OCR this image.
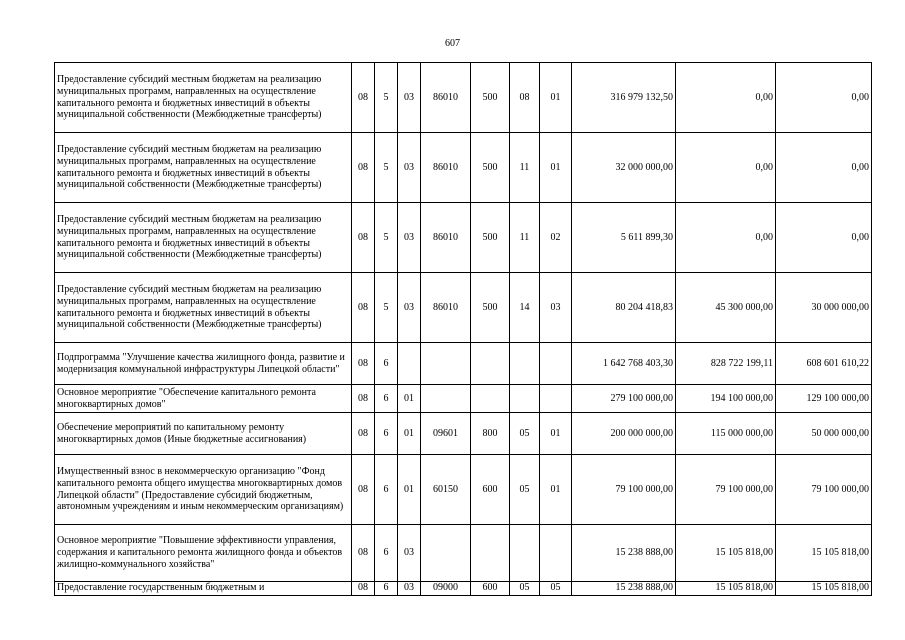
607
Предоставление субсидий местным бюджетам на реализацию муниципальных программ, направленных на осуществление капитального ремонта и бюджетных инвестиций в объекты муниципальной собственности (Межбюджетные трансферты)	08	5	03	86010	500	08	01	316 979 132,50	0,00	0,00
Предоставление субсидий местным бюджетам на реализацию муниципальных программ, направленных на осуществление капитального ремонта и бюджетных инвестиций в объекты муниципальной собственности (Межбюджетные трансферты)	08	5	03	86010	500	11	01	32 000 000,00	0,00	0,00
Предоставление субсидий местным бюджетам на реализацию муниципальных программ, направленных на осуществление капитального ремонта и бюджетных инвестиций в объекты муниципальной собственности (Межбюджетные трансферты)	08	5	03	86010	500	11	02	5 611 899,30	0,00	0,00
Предоставление субсидий местным бюджетам на реализацию муниципальных программ, направленных на осуществление капитального ремонта и бюджетных инвестиций в объекты муниципальной собственности (Межбюджетные трансферты)	08	5	03	86010	500	14	03	80 204 418,83	45 300 000,00	30 000 000,00
Подпрограмма "Улучшение качества жилищного фонда, развитие и модернизация коммунальной инфраструктуры Липецкой области"	08	6						1 642 768 403,30	828 722 199,11	608 601 610,22
Основное мероприятие "Обеспечение капитального ремонта многоквартирных домов"	08	6	01					279 100 000,00	194 100 000,00	129 100 000,00
Обеспечение мероприятий по капитальному ремонту многоквартирных домов (Иные бюджетные ассигнования)	08	6	01	09601	800	05	01	200 000 000,00	115 000 000,00	50 000 000,00
Имущественный взнос в некоммерческую организацию "Фонд капитального ремонта общего имущества многоквартирных домов Липецкой области" (Предоставление субсидий бюджетным, автономным учреждениям и иным некоммерческим организациям)	08	6	01	60150	600	05	01	79 100 000,00	79 100 000,00	79 100 000,00
Основное мероприятие "Повышение эффективности управления, содержания и капитального ремонта жилищного фонда и объектов жилищно-коммунального хозяйства"	08	6	03					15 238 888,00	15 105 818,00	15 105 818,00
Предоставление государственным бюджетным и	08	6	03	09000	600	05	05	15 238 888,00	15 105 818,00	15 105 818,00
